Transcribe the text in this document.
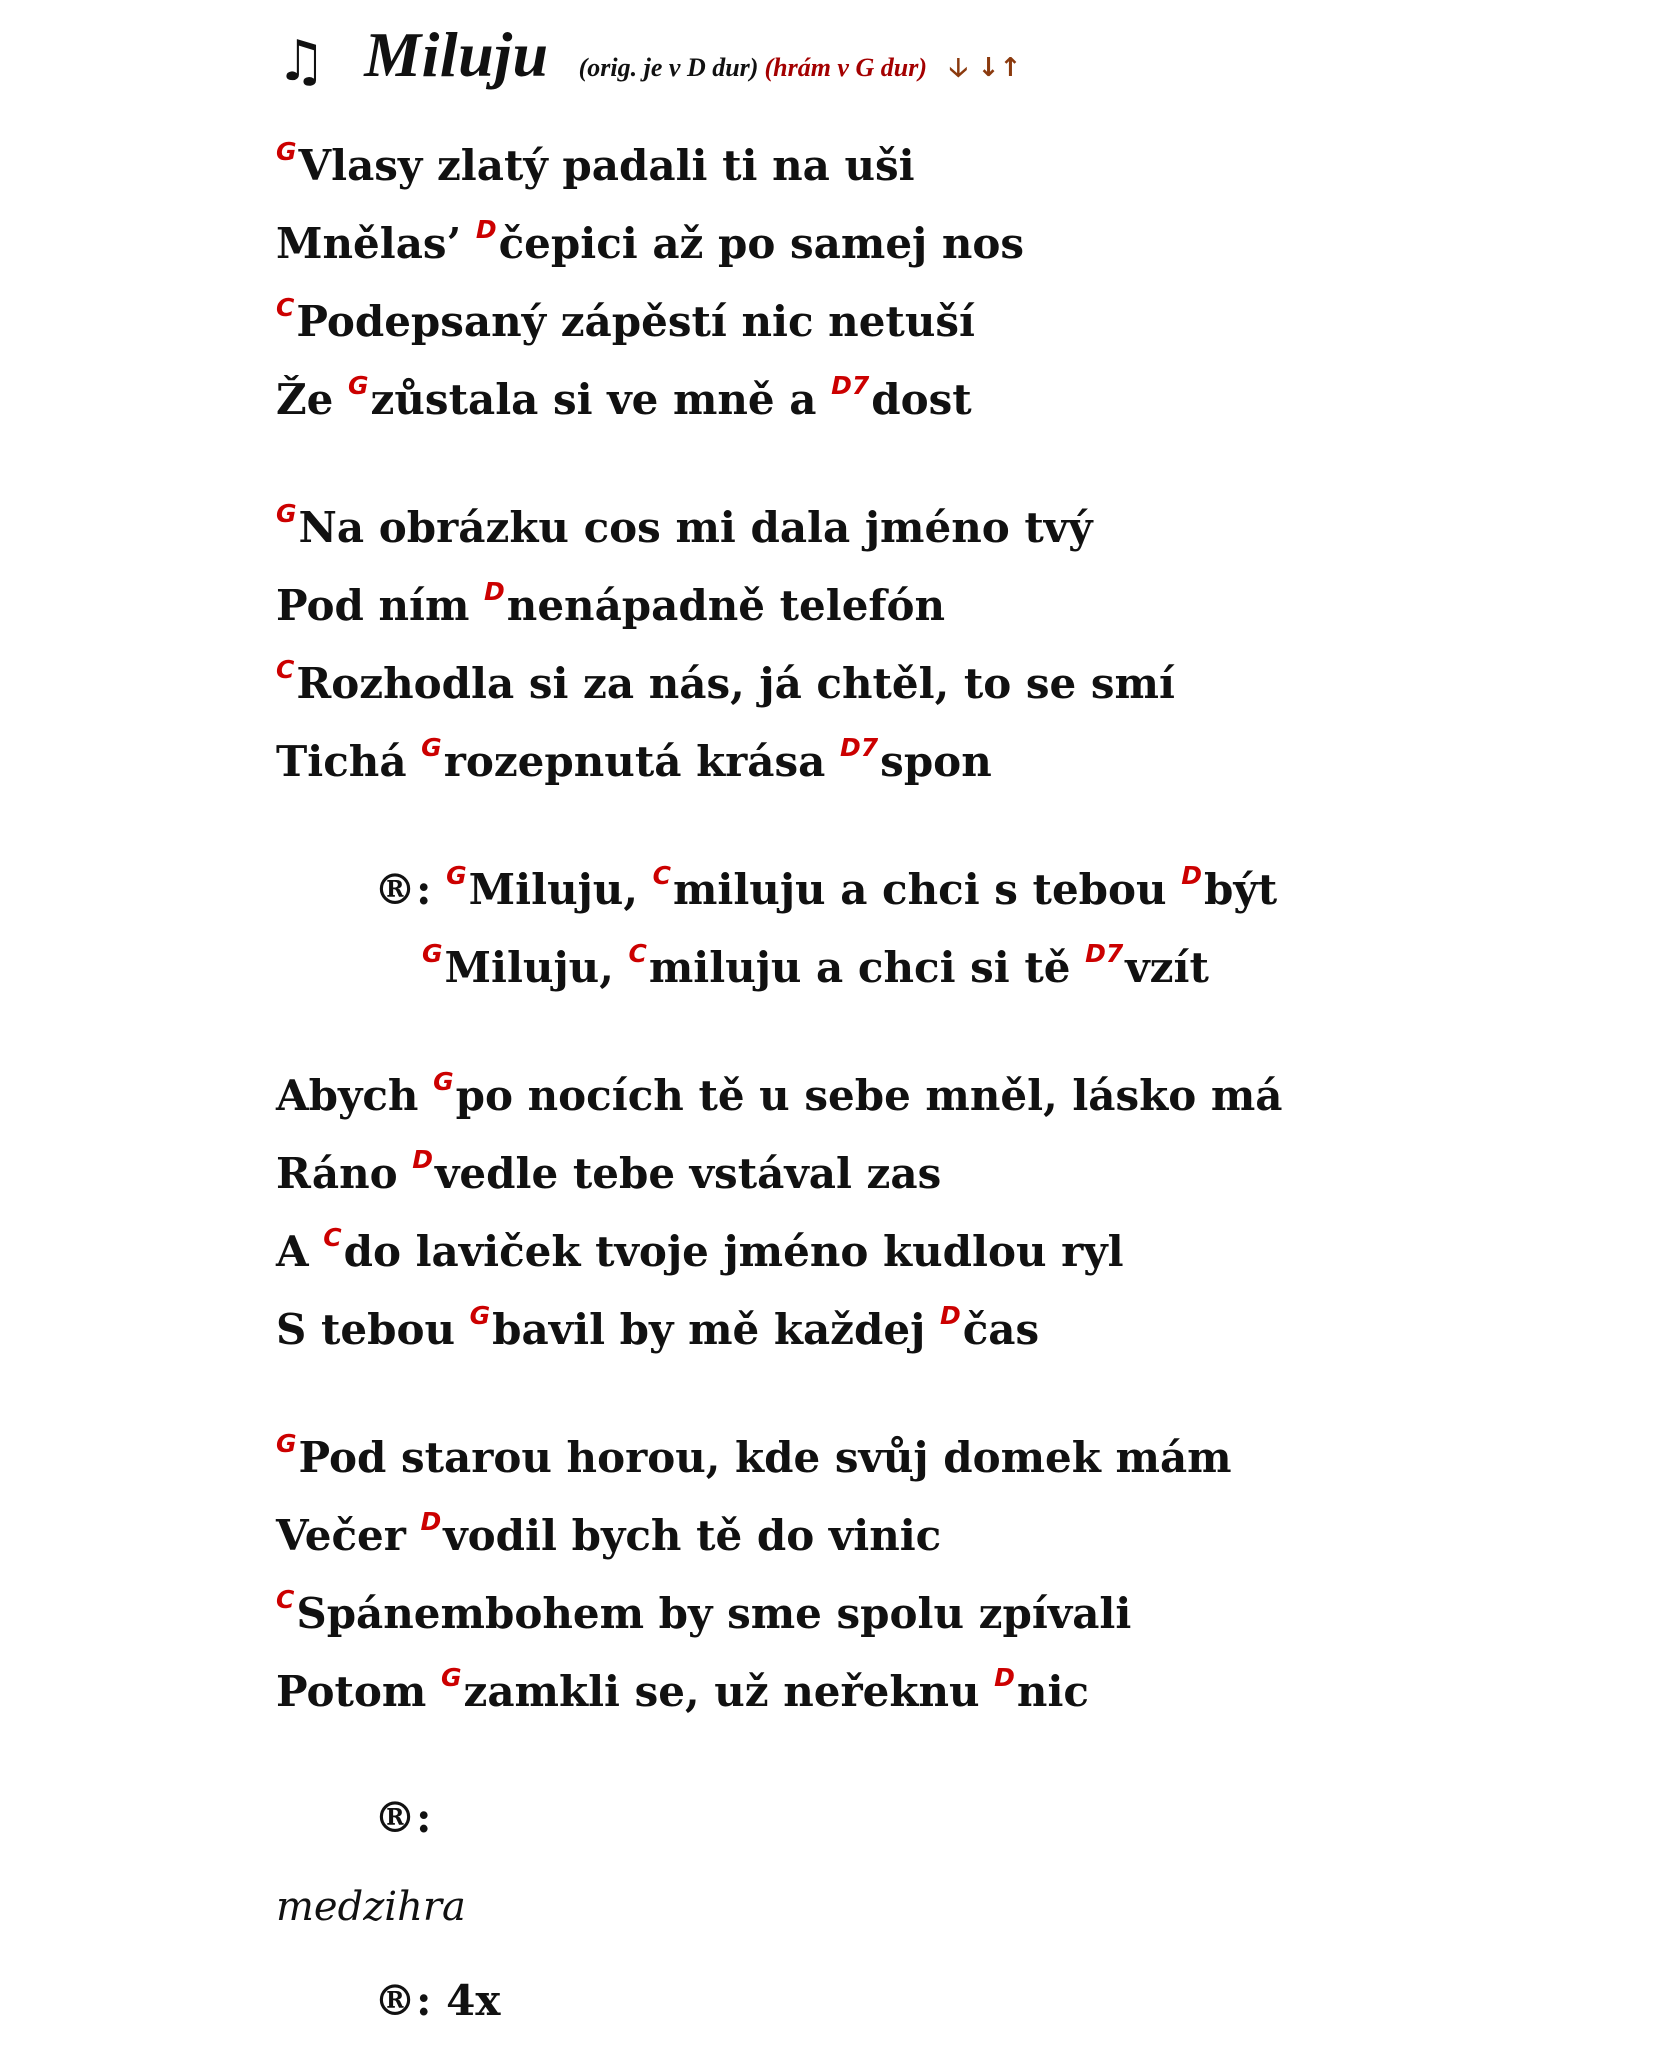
♫ Miluju (orig. je v D dur) (hrám v G dur) 🡣 ↓↑
$^G$Vlasy zlatý padali ti na uši
Mnělas’ $^D$čepici až po samej nos
$^C$Podepsaný zápěstí nic netuší
Že $^G$zůstala si ve mně a $^{D7}$dost
$^G$Na obrázku cos mi dala jméno tvý
Pod ním $^D$nenápadně telefón
$^C$Rozhodla si za nás, já chtěl, to se smí
Tichá $^G$rozepnutá krása $^{D7}$spon
®: $^G$Miluju, $^C$miluju a chci s tebou $^D$být
$^G$Miluju, $^C$miluju a chci si tě $^{D7}$vzít
Abych $^G$po nocích tě u sebe mněl, lásko má
Ráno $^D$vedle tebe vstával zas
A $^C$do laviček tvoje jméno kudlou ryl
S tebou $^G$bavil by mě každej $^D$čas
$^G$Pod starou horou, kde svůj domek mám
Večer $^D$vodil bych tě do vinic
$^C$Spánembohem by sme spolu zpívali
Potom $^G$zamkli se, už neřeknu $^D$nic
®:
medzihra
®: 4x
